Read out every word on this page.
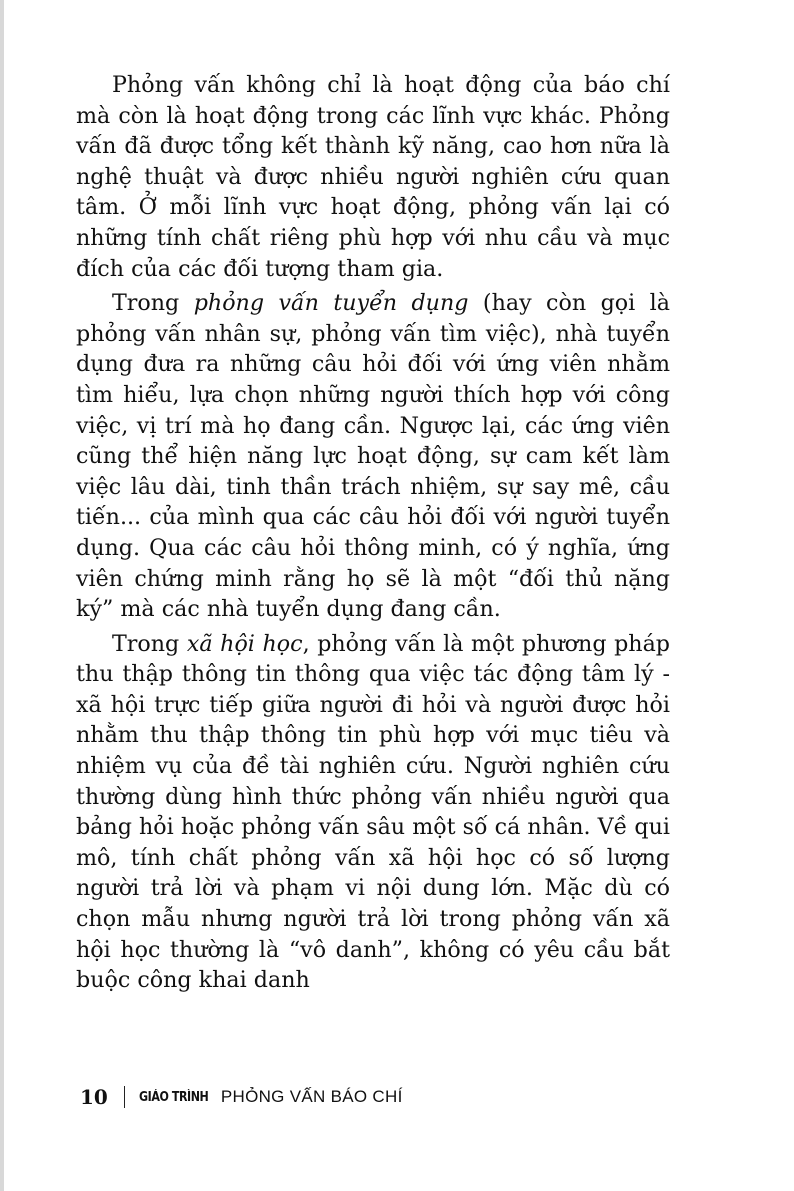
Phỏng vấn không chỉ là hoạt động của báo chí mà còn là hoạt động trong các lĩnh vực khác. Phỏng vấn đã được tổng kết thành kỹ năng, cao hơn nữa là nghệ thuật và được nhiều người nghiên cứu quan tâm. Ở mỗi lĩnh vực hoạt động, phỏng vấn lại có những tính chất riêng phù hợp với nhu cầu và mục đích của các đối tượng tham gia.

Trong phỏng vấn tuyển dụng (hay còn gọi là phỏng vấn nhân sự, phỏng vấn tìm việc), nhà tuyển dụng đưa ra những câu hỏi đối với ứng viên nhằm tìm hiểu, lựa chọn những người thích hợp với công việc, vị trí mà họ đang cần. Ngược lại, các ứng viên cũng thể hiện năng lực hoạt động, sự cam kết làm việc lâu dài, tinh thần trách nhiệm, sự say mê, cầu tiến... của mình qua các câu hỏi đối với người tuyển dụng. Qua các câu hỏi thông minh, có ý nghĩa, ứng viên chứng minh rằng họ sẽ là một “đối thủ nặng ký” mà các nhà tuyển dụng đang cần.

Trong xã hội học, phỏng vấn là một phương pháp thu thập thông tin thông qua việc tác động tâm lý - xã hội trực tiếp giữa người đi hỏi và người được hỏi nhằm thu thập thông tin phù hợp với mục tiêu và nhiệm vụ của đề tài nghiên cứu. Người nghiên cứu thường dùng hình thức phỏng vấn nhiều người qua bảng hỏi hoặc phỏng vấn sâu một số cá nhân. Về qui mô, tính chất phỏng vấn xã hội học có số lượng người trả lời và phạm vi nội dung lớn. Mặc dù có chọn mẫu nhưng người trả lời trong phỏng vấn xã hội học thường là “vô danh”, không có yêu cầu bắt buộc công khai danh

10 GIÁO TRÌNH PHỎNG VẤN BÁO CHÍ
